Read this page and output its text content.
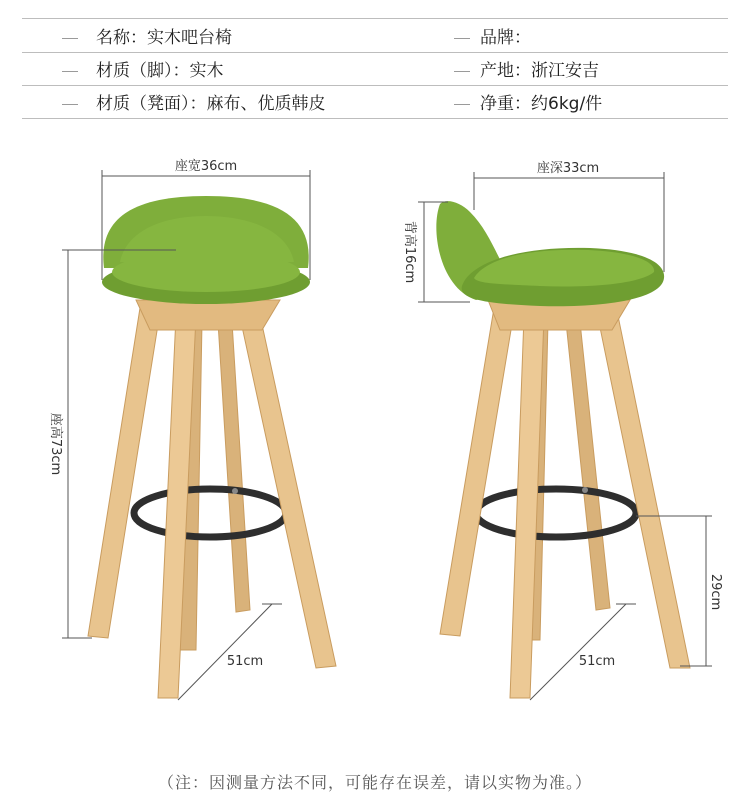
名称：实木吧台椅	品牌：
材质（脚）：实木	产地：浙江安吉
材质（凳面）：麻布、优质韩皮	净重：约6kg/件
座宽36cm
座高73cm
51cm
座深33cm
背高16cm
29cm
51cm
（注：因测量方法不同，可能存在误差，请以实物为准。）
